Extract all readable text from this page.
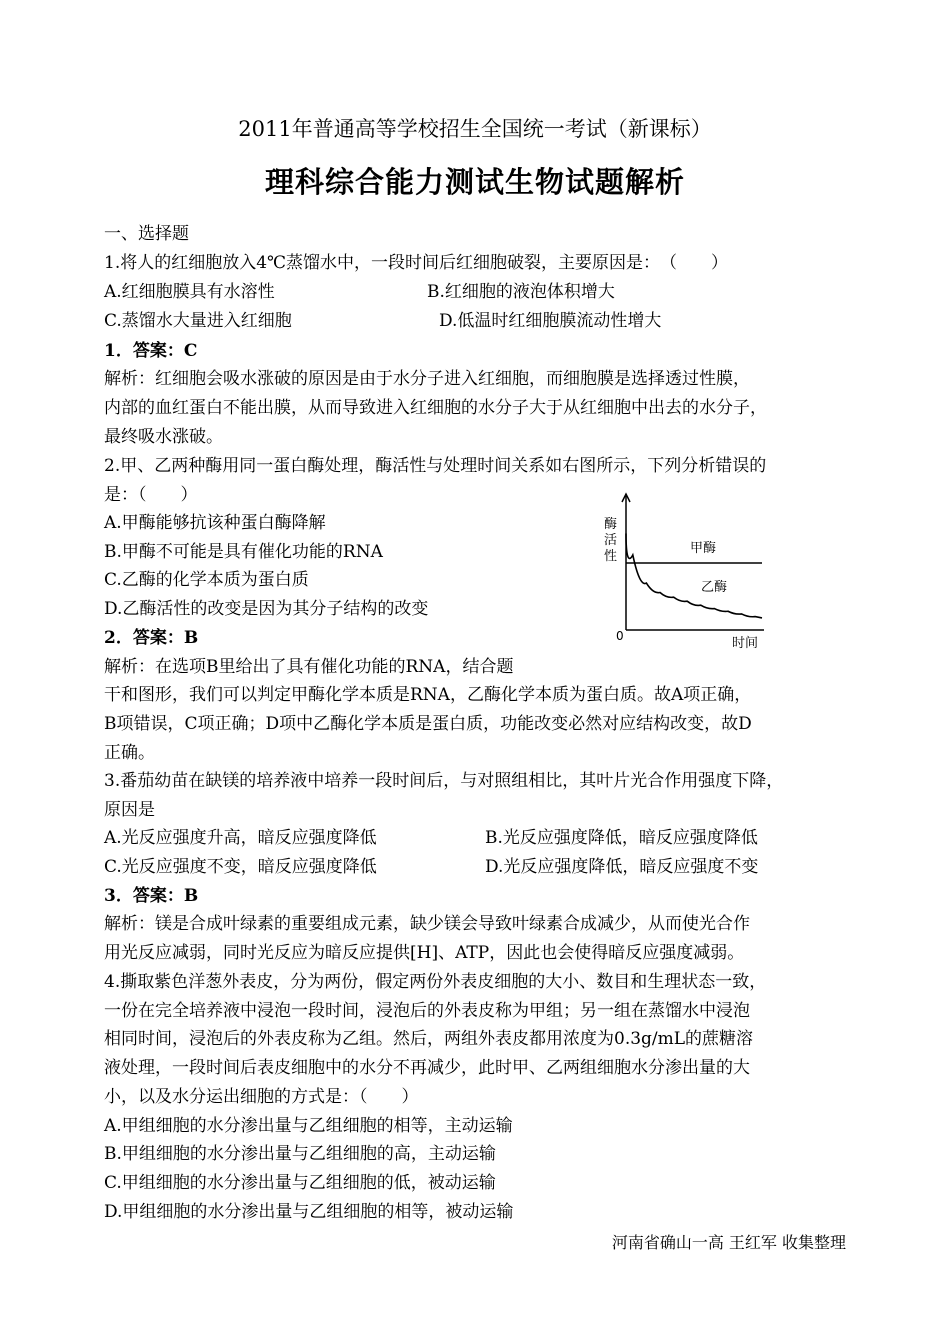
2011年普通高等学校招生全国统一考试（新课标）
理科综合能力测试生物试题解析
一、选择题
1.将人的红细胞放入4℃蒸馏水中，一段时间后红细胞破裂，主要原因是：　（　　）
A.红细胞膜具有水溶性	B.红细胞的液泡体积增大
C.蒸馏水大量进入红细胞	D.低温时红细胞膜流动性增大
1．答案：C
解析：红细胞会吸水涨破的原因是由于水分子进入红细胞，而细胞膜是选择透过性膜，
内部的血红蛋白不能出膜，从而导致进入红细胞的水分子大于从红细胞中出去的水分子，
最终吸水涨破。
2.甲、乙两种酶用同一蛋白酶处理，酶活性与处理时间关系如右图所示，下列分析错误的
是：（　　）
A.甲酶能够抗该种蛋白酶降解
B.甲酶不可能是具有催化功能的RNA
C.乙酶的化学本质为蛋白质
D.乙酶活性的改变是因为其分子结构的改变
2．答案：B
解析：在选项B里给出了具有催化功能的RNA，结合题
干和图形，我们可以判定甲酶化学本质是RNA，乙酶化学本质为蛋白质。故A项正确，
B项错误，C项正确；D项中乙酶化学本质是蛋白质，功能改变必然对应结构改变，故D
正确。
酶
活
性
0	时间
甲酶
乙酶
3.番茄幼苗在缺镁的培养液中培养一段时间后，与对照组相比，其叶片光合作用强度下降，
原因是
A.光反应强度升高，暗反应强度降低	B.光反应强度降低，暗反应强度降低
C.光反应强度不变，暗反应强度降低	D.光反应强度降低，暗反应强度不变
3．答案：B
解析：镁是合成叶绿素的重要组成元素，缺少镁会导致叶绿素合成减少，从而使光合作
用光反应减弱，同时光反应为暗反应提供[H]、ATP，因此也会使得暗反应强度减弱。
4.撕取紫色洋葱外表皮，分为两份，假定两份外表皮细胞的大小、数目和生理状态一致，
一份在完全培养液中浸泡一段时间，浸泡后的外表皮称为甲组；另一组在蒸馏水中浸泡
相同时间，浸泡后的外表皮称为乙组。然后，两组外表皮都用浓度为0.3g/mL的蔗糖溶
液处理，一段时间后表皮细胞中的水分不再减少，此时甲、乙两组细胞水分渗出量的大
小，以及水分运出细胞的方式是：（　　）
A.甲组细胞的水分渗出量与乙组细胞的相等，主动运输
B.甲组细胞的水分渗出量与乙组细胞的高，主动运输
C.甲组细胞的水分渗出量与乙组细胞的低，被动运输
D.甲组细胞的水分渗出量与乙组细胞的相等，被动运输
河南省确山一高 王红军 收集整理
